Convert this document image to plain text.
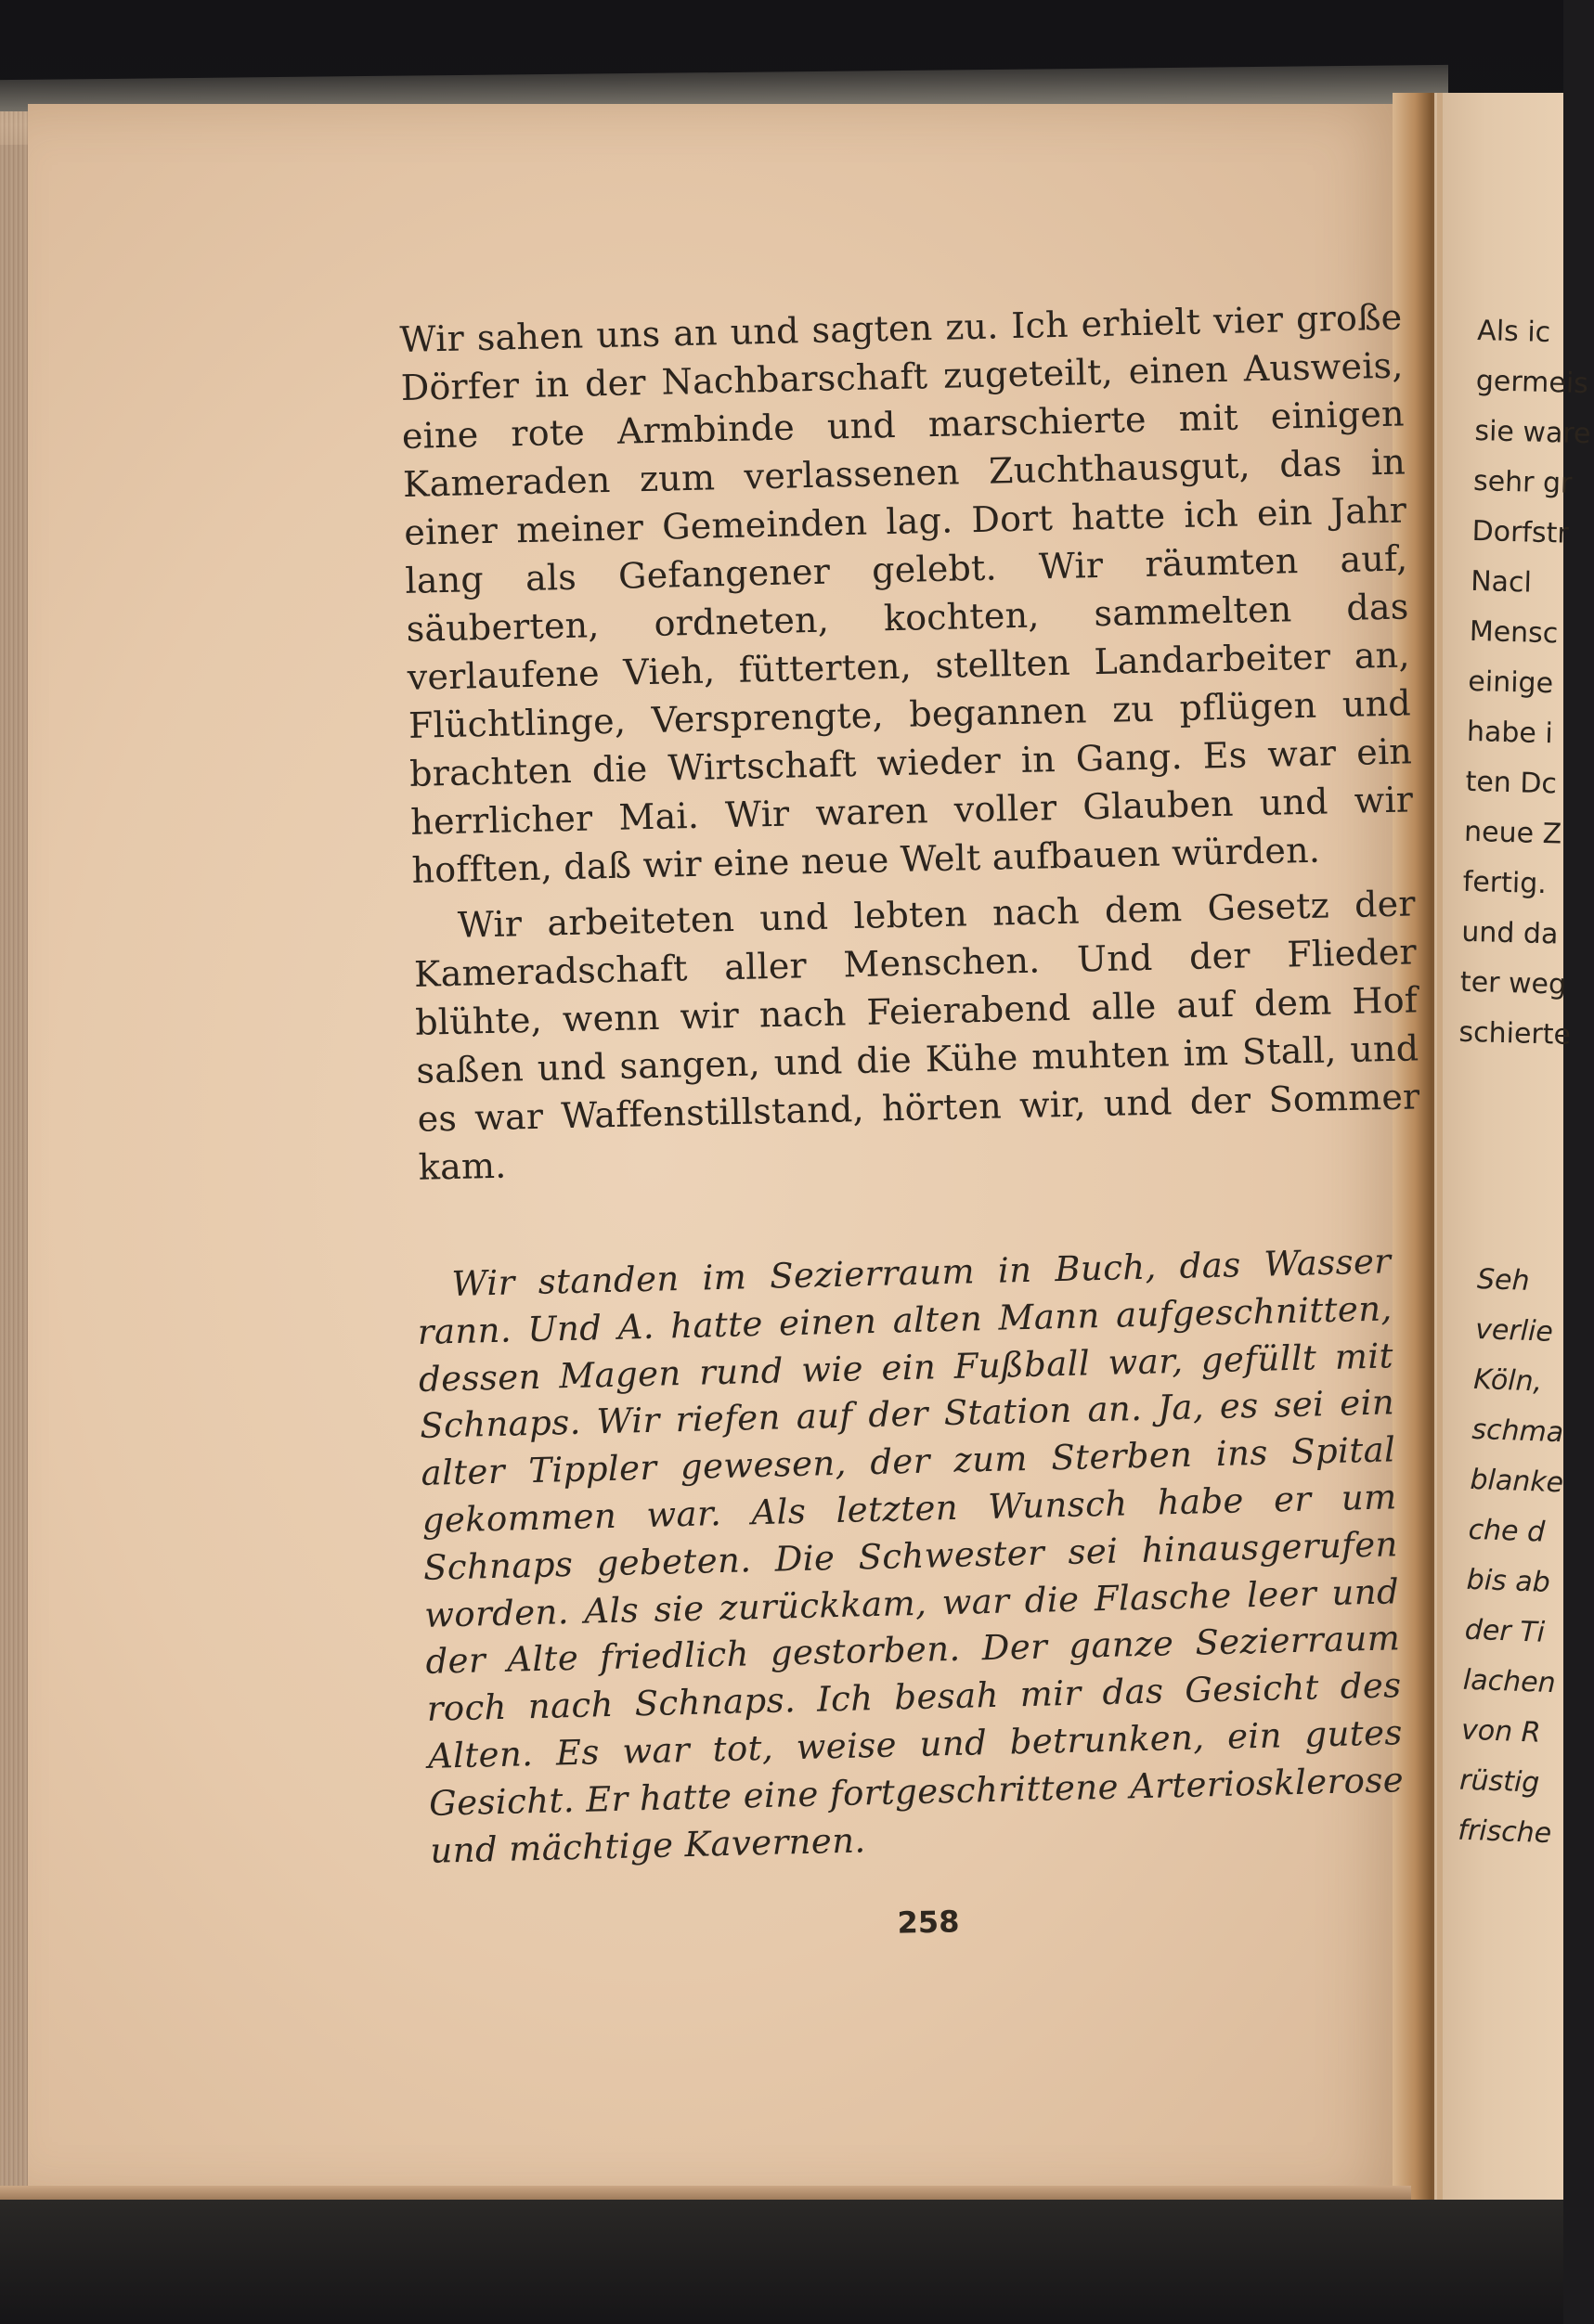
Wir sahen uns an und sagten zu. Ich erhielt vier große Dörfer in der Nachbarschaft zugeteilt, einen Ausweis, eine rote Armbinde und marschierte mit einigen Kameraden zum verlassenen Zuchthausgut, das in einer meiner Gemeinden lag. Dort hatte ich ein Jahr lang als Gefangener gelebt. Wir räumten auf, säuberten, ordneten, kochten, sammelten das verlaufene Vieh, fütterten, stellten Landarbeiter an, Flüchtlinge, Versprengte, begannen zu pflügen und brachten die Wirtschaft wieder in Gang. Es war ein herrlicher Mai. Wir waren voller Glauben und wir hofften, daß wir eine neue Welt aufbauen würden.

Wir arbeiteten und lebten nach dem Gesetz der Kameradschaft aller Menschen. Und der Flieder blühte, wenn wir nach Feierabend alle auf dem Hof saßen und sangen, und die Kühe muhten im Stall, und es war Waffenstillstand, hörten wir, und der Sommer kam.

Wir standen im Sezierraum in Buch, das Wasser rann. Und A. hatte einen alten Mann aufgeschnitten, dessen Magen rund wie ein Fußball war, gefüllt mit Schnaps. Wir riefen auf der Station an. Ja, es sei ein alter Tippler gewesen, der zum Sterben ins Spital gekommen war. Als letzten Wunsch habe er um Schnaps gebeten. Die Schwester sei hinausgerufen worden. Als sie zurückkam, war die Flasche leer und der Alte friedlich gestorben. Der ganze Sezierraum roch nach Schnaps. Ich besah mir das Gesicht des Alten. Es war tot, weise und betrunken, ein gutes Gesicht. Er hatte eine fortgeschrittene Arteriosklerose und mächtige Kavernen.

258
Als ic
germeis
sie ware
sehr gr
Dorfstr
Nacl
Mensc
einige
habe i
ten Dc
neue Z
fertig.
und da
ter weg
schierte
Seh
verlie
Köln,
schma
blanke
che d
bis ab
der Ti
lachen
von R
rüstig
frische
